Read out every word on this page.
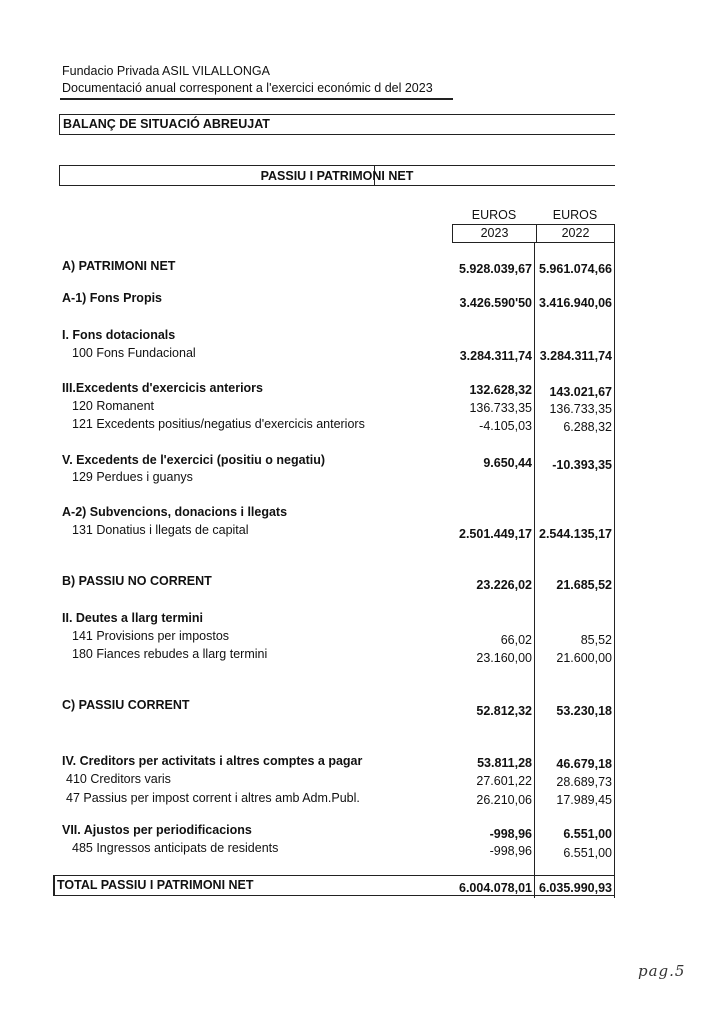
Fundacio Privada ASIL VILALLONGA
Documentació anual corresponent a l'exercici económic d del 2023
BALANÇ DE SITUACIÓ ABREUJAT
PASSIU I PATRIMONI NET
EUROS	EUROS
2023	2022
A) PATRIMONI NET	5.928.039,67 5.961.074,66
A-1) Fons Propis	3.426.590'50 3.416.940,06
I. Fons dotacionals
100 Fons Fundacional	3.284.311,74 3.284.311,74
III.Excedents d'exercicis anteriors	132.628,32	143.021,67
120 Romanent	136.733,35	136.733,35
121 Excedents positius/negatius d'exercicis anteriors	-4.105,03	6.288,32
V. Excedents de l'exercici (positiu o negatiu)	9.650,44	-10.393,35
129 Perdues i guanys
A-2) Subvencions, donacions i llegats
131 Donatius i llegats de capital	2.501.449,17 2.544.135,17
B) PASSIU NO CORRENT	23.226,02	21.685,52
II. Deutes a llarg termini
141 Provisions per impostos	66,02	85,52
180 Fiances rebudes a llarg termini	23.160,00	21.600,00
C) PASSIU CORRENT	52.812,32	53.230,18
IV. Creditors per activitats i altres comptes a pagar	53.811,28	46.679,18
410 Creditors varis	27.601,22	28.689,73
47 Passius per impost corrent i altres amb Adm.Publ.	26.210,06	17.989,45
VII. Ajustos per periodificacions	-998,96	6.551,00
485 Ingressos anticipats de residents	-998,96	6.551,00
TOTAL PASSIU I PATRIMONI NET	6.004.078,01 6.035.990,93
pag.5
